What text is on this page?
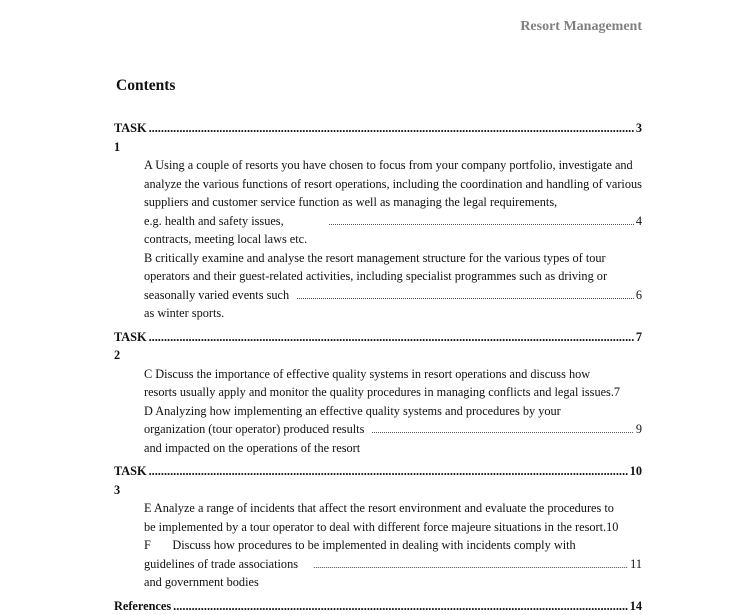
Resort Management
Contents
TASK 1
.....
3
A Using a couple of resorts you have chosen to focus from your company portfolio, investigate and analyze the various functions of resort operations, including the coordination and handling of various suppliers and customer service function as well as managing the legal requirements,
e.g. health and safety issues, contracts, meeting local laws etc.
.....
4
B critically examine and analyse the resort management structure for the various types of tour operators and their guest-related activities, including specialist programmes such as driving or
seasonally varied events such as winter sports.
.....
6
TASK 2
.....
7
C Discuss the importance of effective quality systems in resort operations and discuss how
resorts usually apply and monitor the quality procedures in managing conflicts and legal issues. 7
D Analyzing how implementing an effective quality systems and procedures by your
organization (tour operator) produced results and impacted on the operations of the resort
.....
9
TASK 3
.....
10
E Analyze a range of incidents that affect the resort environment and evaluate the procedures to
be implemented by a tour operator to deal with different force majeure situations in the resort. 10
F       Discuss how procedures to be implemented in dealing with incidents comply with
guidelines of trade associations and government bodies
.....
11
References
.....	14
